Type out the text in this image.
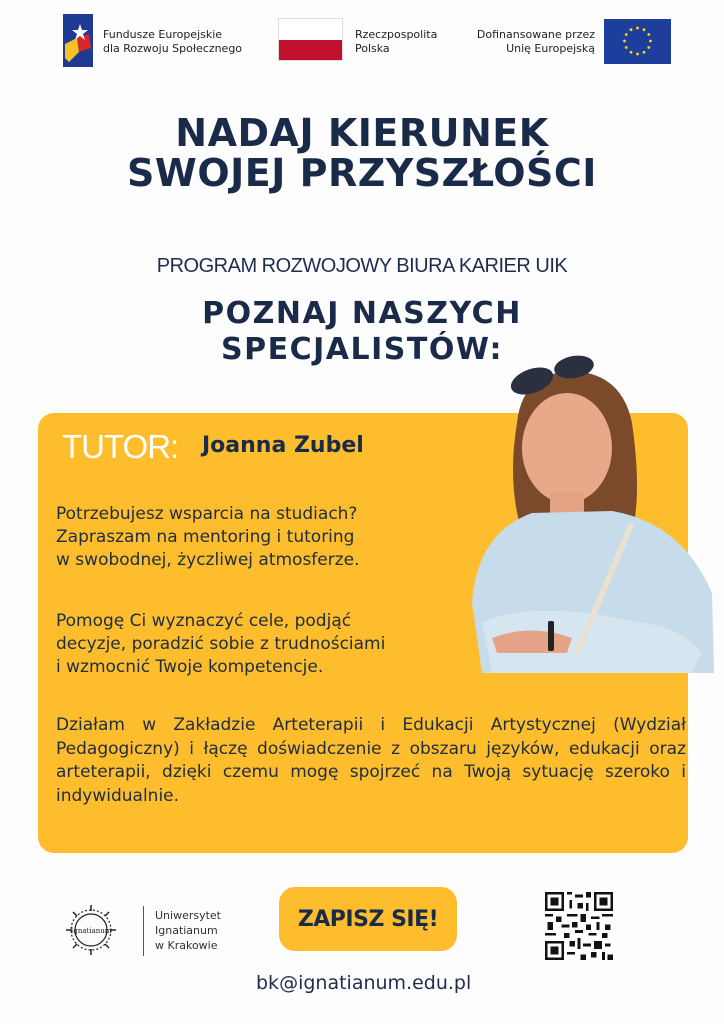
Fundusze Europejskie
dla Rozwoju Społecznego
Rzeczpospolita
Polska
Dofinansowane przez
Unię Europejską
NADAJ KIERUNEK
SWOJEJ PRZYSZŁOŚCI
PROGRAM ROZWOJOWY BIURA KARIER UIK
POZNAJ NASZYCH
SPECJALISTÓW:
TUTOR: Joanna Zubel
Potrzebujesz wsparcia na studiach?
Zapraszam na mentoring i tutoring
w swobodnej, życzliwej atmosferze.
Pomogę Ci wyznaczyć cele, podjąć
decyzje, poradzić sobie z trudnościami
i wzmocnić Twoje kompetencje.
Działam w Zakładzie Arteterapii i Edukacji Artystycznej (Wydział Pedagogiczny) i łączę doświadczenie z obszaru języków, edukacji oraz arteterapii, dzięki czemu mogę spojrzeć na Twoją sytuację szeroko i indywidualnie.
Ignatianum
Uniwersytet
Ignatianum
w Krakowie
ZAPISZ SIĘ!
bk@ignatianum.edu.pl
